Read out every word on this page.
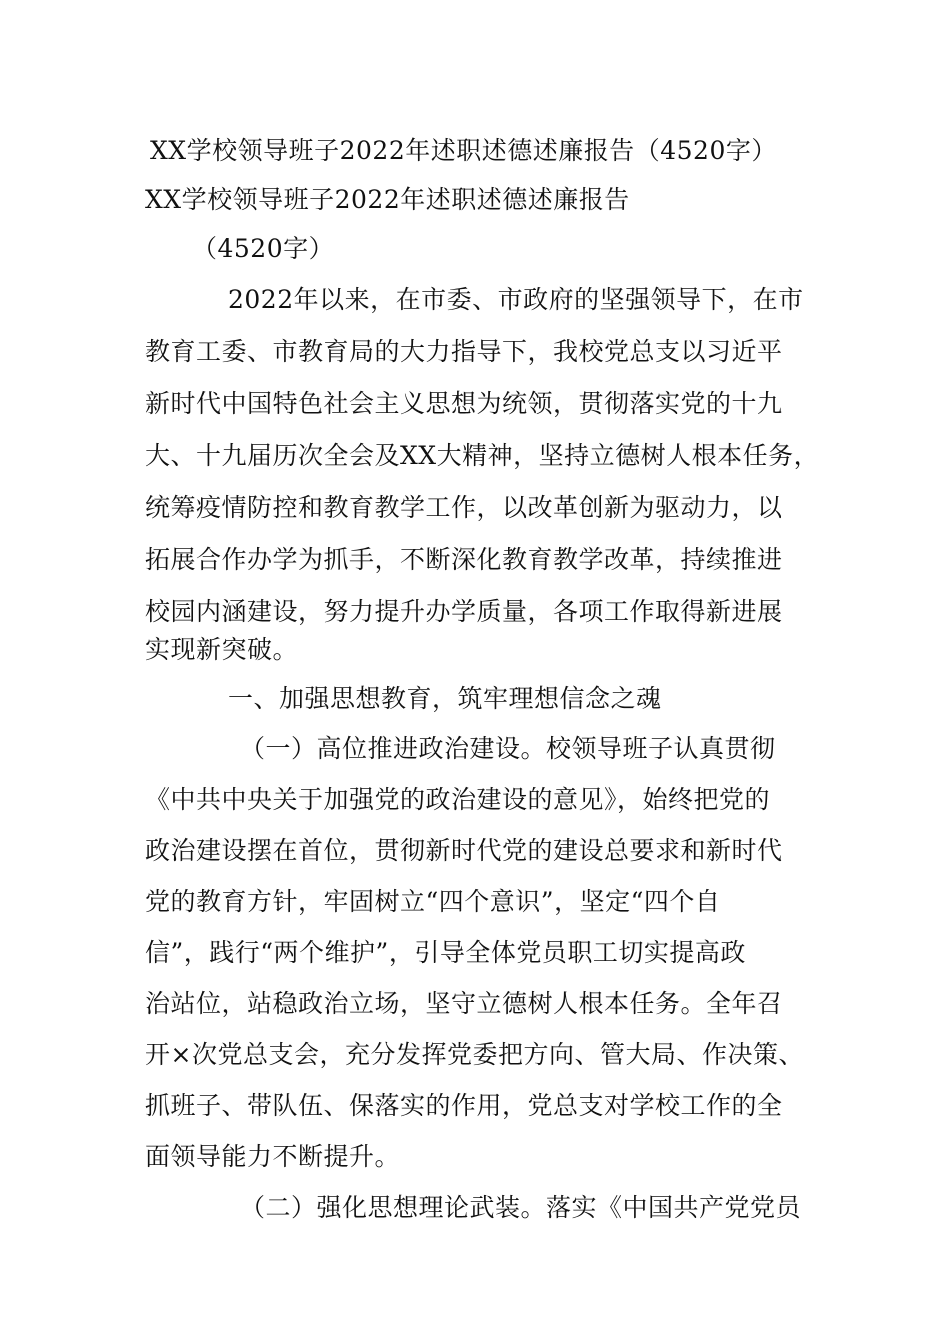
XX学校领导班子2022年述职述德述廉报告（4520字）
XX学校领导班子2022年述职述德述廉报告
（4520字）
2022年以来，在市委、市政府的坚强领导下，在市
教育工委、市教育局的大力指导下，我校党总支以习近平
新时代中国特色社会主义思想为统领，贯彻落实党的十九
大、十九届历次全会及XX大精神，坚持立德树人根本任务，
统筹疫情防控和教育教学工作，以改革创新为驱动力，以
拓展合作办学为抓手，不断深化教育教学改革，持续推进
校园内涵建设，努力提升办学质量，各项工作取得新进展
实现新突破。
一、加强思想教育，筑牢理想信念之魂
（一）高位推进政治建设。校领导班子认真贯彻
《中共中央关于加强党的政治建设的意见》，始终把党的
政治建设摆在首位，贯彻新时代党的建设总要求和新时代
党的教育方针，牢固树立“四个意识”，坚定“四个自
信”，践行“两个维护”，引导全体党员职工切实提高政
治站位，站稳政治立场，坚守立德树人根本任务。全年召
开×次党总支会，充分发挥党委把方向、管大局、作决策、
抓班子、带队伍、保落实的作用，党总支对学校工作的全
面领导能力不断提升。
（二）强化思想理论武装。落实《中国共产党党员
